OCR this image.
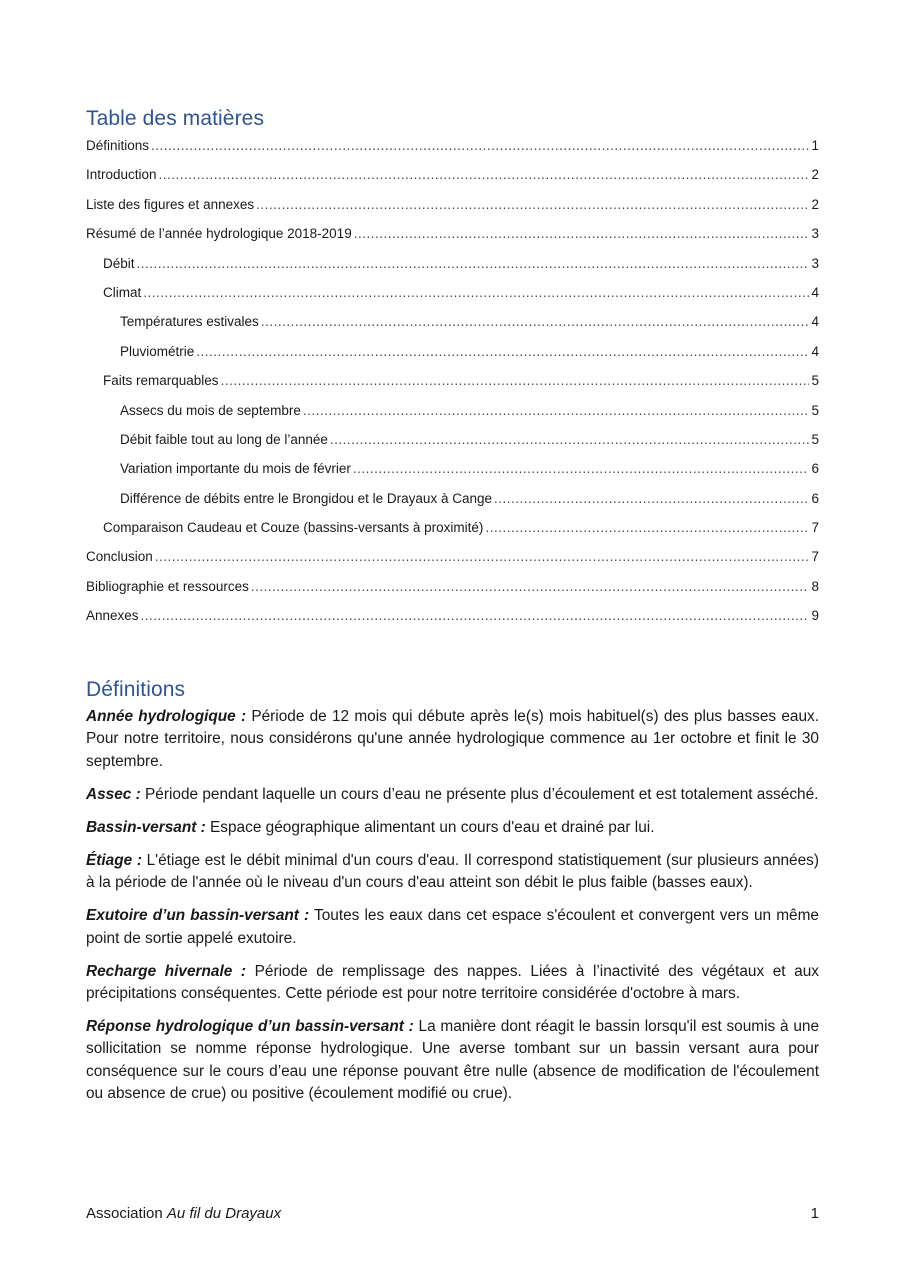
Table des matières
Définitions .....	1
Introduction .....	2
Liste des figures et annexes .....	2
Résumé de l’année hydrologique 2018-2019 .....	3
Débit .....	3
Climat .....	4
Températures estivales .....	4
Pluviométrie .....	4
Faits remarquables .....	5
Assecs du mois de septembre .....	5
Débit faible tout au long de l’année .....	5
Variation importante du mois de février .....	6
Différence de débits entre le Brongidou et le Drayaux à Cange .....	6
Comparaison Caudeau et Couze (bassins-versants à proximité) .....	7
Conclusion .....	7
Bibliographie et ressources .....	8
Annexes .....	9
Définitions

Année hydrologique : Période de 12 mois qui débute après le(s) mois habituel(s) des plus basses eaux. Pour notre territoire, nous considérons qu'une année hydrologique commence au 1er octobre et finit le 30 septembre.

Assec : Période pendant laquelle un cours d’eau ne présente plus d’écoulement et est totalement asséché.

Bassin-versant : Espace géographique alimentant un cours d'eau et drainé par lui.

Étiage : L'étiage est le débit minimal d'un cours d'eau. Il correspond statistiquement (sur plusieurs années) à la période de l'année où le niveau d'un cours d'eau atteint son débit le plus faible (basses eaux).

Exutoire d’un bassin-versant : Toutes les eaux dans cet espace s'écoulent et convergent vers un même point de sortie appelé exutoire.

Recharge hivernale : Période de remplissage des nappes. Liées à l’inactivité des végétaux et aux précipitations conséquentes. Cette période est pour notre territoire considérée d'octobre à mars.

Réponse hydrologique d’un bassin-versant : La manière dont réagit le bassin lorsqu'il est soumis à une sollicitation se nomme réponse hydrologique. Une averse tombant sur un bassin versant aura pour conséquence sur le cours d’eau une réponse pouvant être nulle (absence de modification de l'écoulement ou absence de crue) ou positive (écoulement modifié ou crue).

Association Au fil du Drayaux	1
